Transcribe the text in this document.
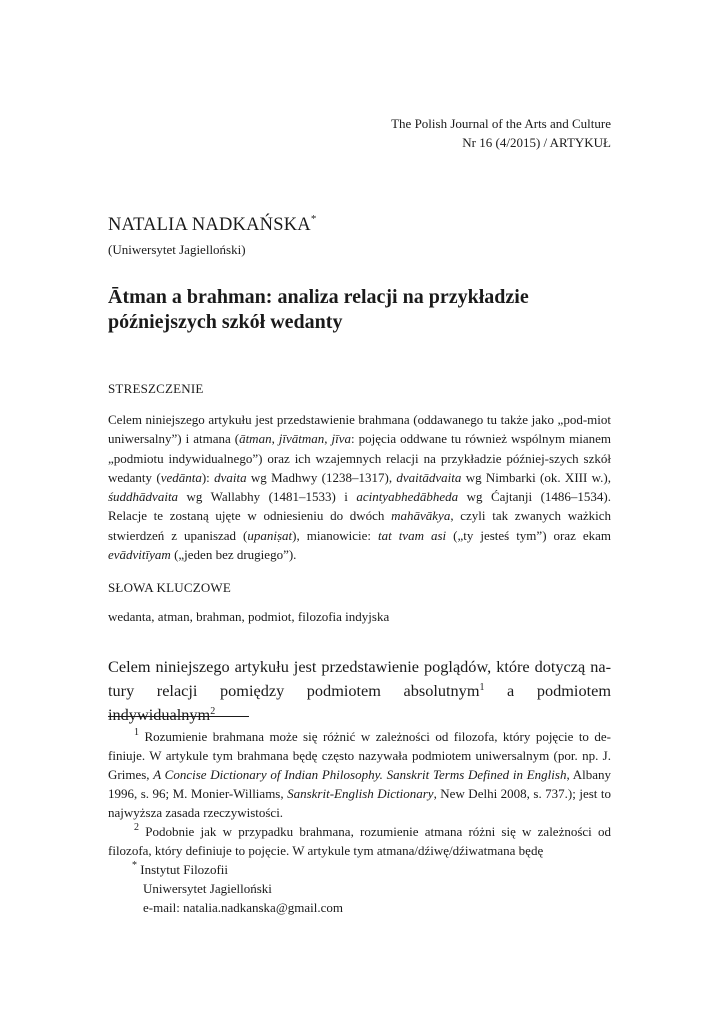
The Polish Journal of the Arts and Culture
Nr 16 (4/2015) / ARTYKUŁ
NATALIA NADKAŃSKA*
(Uniwersytet Jagielloński)
Ātman a brahman: analiza relacji na przykładzie
późniejszych szkół wedanty
STRESZCZENIE

Celem niniejszego artykułu jest przedstawienie brahmana (oddawanego tu także jako „pod-miot uniwersalny”) i atmana (ātman, jīvātman, jīva: pojęcia oddwane tu również wspólnym mianem „podmiotu indywidualnego”) oraz ich wzajemnych relacji na przykładzie później-szych szkół wedanty (vedānta): dvaita wg Madhwy (1238–1317), dvaitādvaita wg Nimbarki (ok. XIII w.), śuddhādvaita wg Wallabhy (1481–1533) i acintyabhedābheda wg Ćajtanji (1486–1534). Relacje te zostaną ujęte w odniesieniu do dwóch mahāvākya, czyli tak zwanych ważkich stwierdzeń z upaniszad (upaniṣat), mianowicie: tat tvam asi („ty jesteś tym”) oraz ekam evādvitīyam („jeden bez drugiego”).

SŁOWA KLUCZOWE
wedanta, atman, brahman, podmiot, filozofia indyjska

Celem niniejszego artykułu jest przedstawienie poglądów, które dotyczą na-tury relacji pomiędzy podmiotem absolutnym$^1$ a podmiotem indywidualnym$^2$

$^1$ Rozumienie brahmana może się różnić w zależności od filozofa, który pojęcie to de-finiuje. W artykule tym brahmana będę często nazywała podmiotem uniwersalnym (por. np. J. Grimes, A Concise Dictionary of Indian Philosophy. Sanskrit Terms Defined in English, Albany 1996, s. 96; M. Monier-Williams, Sanskrit-English Dictionary, New Delhi 2008, s. 737.); jest to najwyższa zasada rzeczywistości.

$^2$ Podobnie jak w przypadku brahmana, rozumienie atmana różni się w zależności od filozofa, który definiuje to pojęcie. W artykule tym atmana/dźiwę/dźiwatmana będę

* Instytut Filozofii
Uniwersytet Jagielloński
e-mail: natalia.nadkanska@gmail.com
